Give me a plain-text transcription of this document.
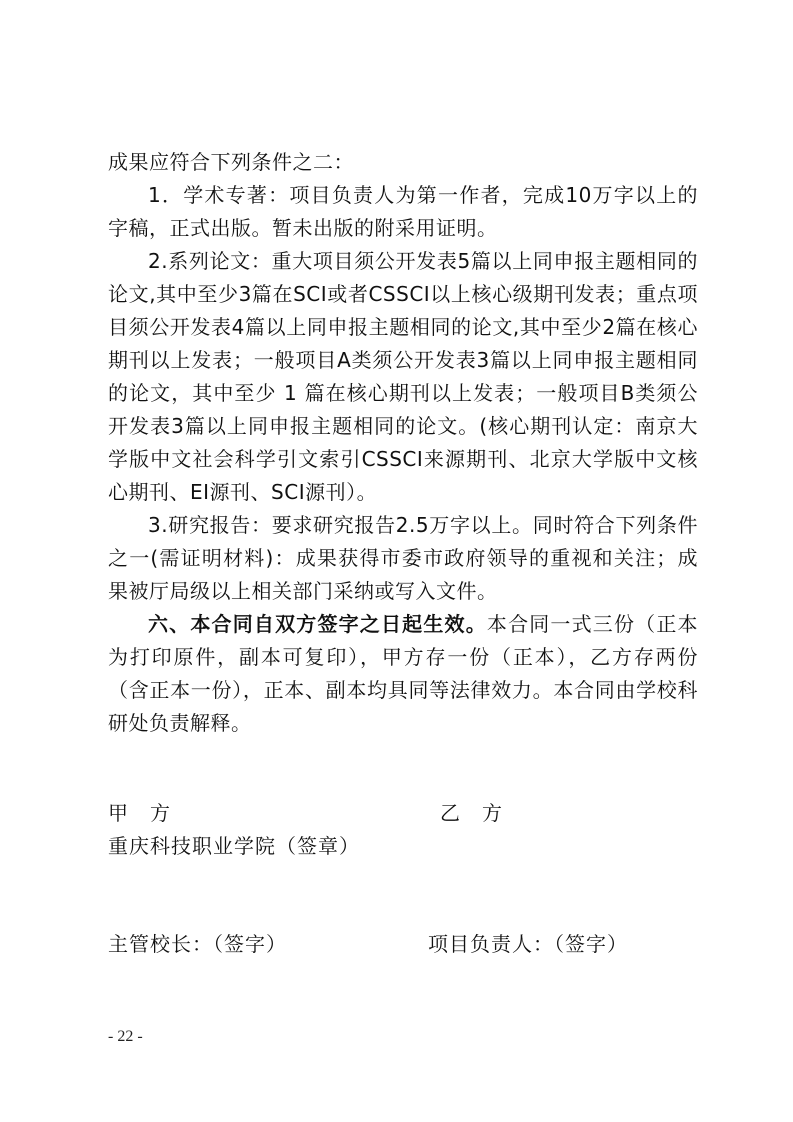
成果应符合下列条件之二：

1．学术专著：项目负责人为第一作者，完成10万字以上的字稿，正式出版。暂未出版的附采用证明。

2.系列论文：重大项目须公开发表5篇以上同申报主题相同的论文,其中至少3篇在SCI或者CSSCI以上核心级期刊发表；重点项目须公开发表4篇以上同申报主题相同的论文,其中至少2篇在核心期刊以上发表；一般项目A类须公开发表3篇以上同申报主题相同的论文，其中至少 1 篇在核心期刊以上发表；一般项目B类须公开发表3篇以上同申报主题相同的论文。(核心期刊认定：南京大学版中文社会科学引文索引CSSCI来源期刊、北京大学版中文核心期刊、EI源刊、SCI源刊）。

3.研究报告：要求研究报告2.5万字以上。同时符合下列条件之一(需证明材料)：成果获得市委市政府领导的重视和关注；成果被厅局级以上相关部门采纳或写入文件。

六、本合同自双方签字之日起生效。本合同一式三份（正本为打印原件，副本可复印），甲方存一份（正本），乙方存两份（含正本一份），正本、副本均具同等法律效力。本合同由学校科研处负责解释。

甲　方	乙　方
重庆科技职业学院（签章）
主管校长：（签字）	项目负责人：（签字）
- 22 -
